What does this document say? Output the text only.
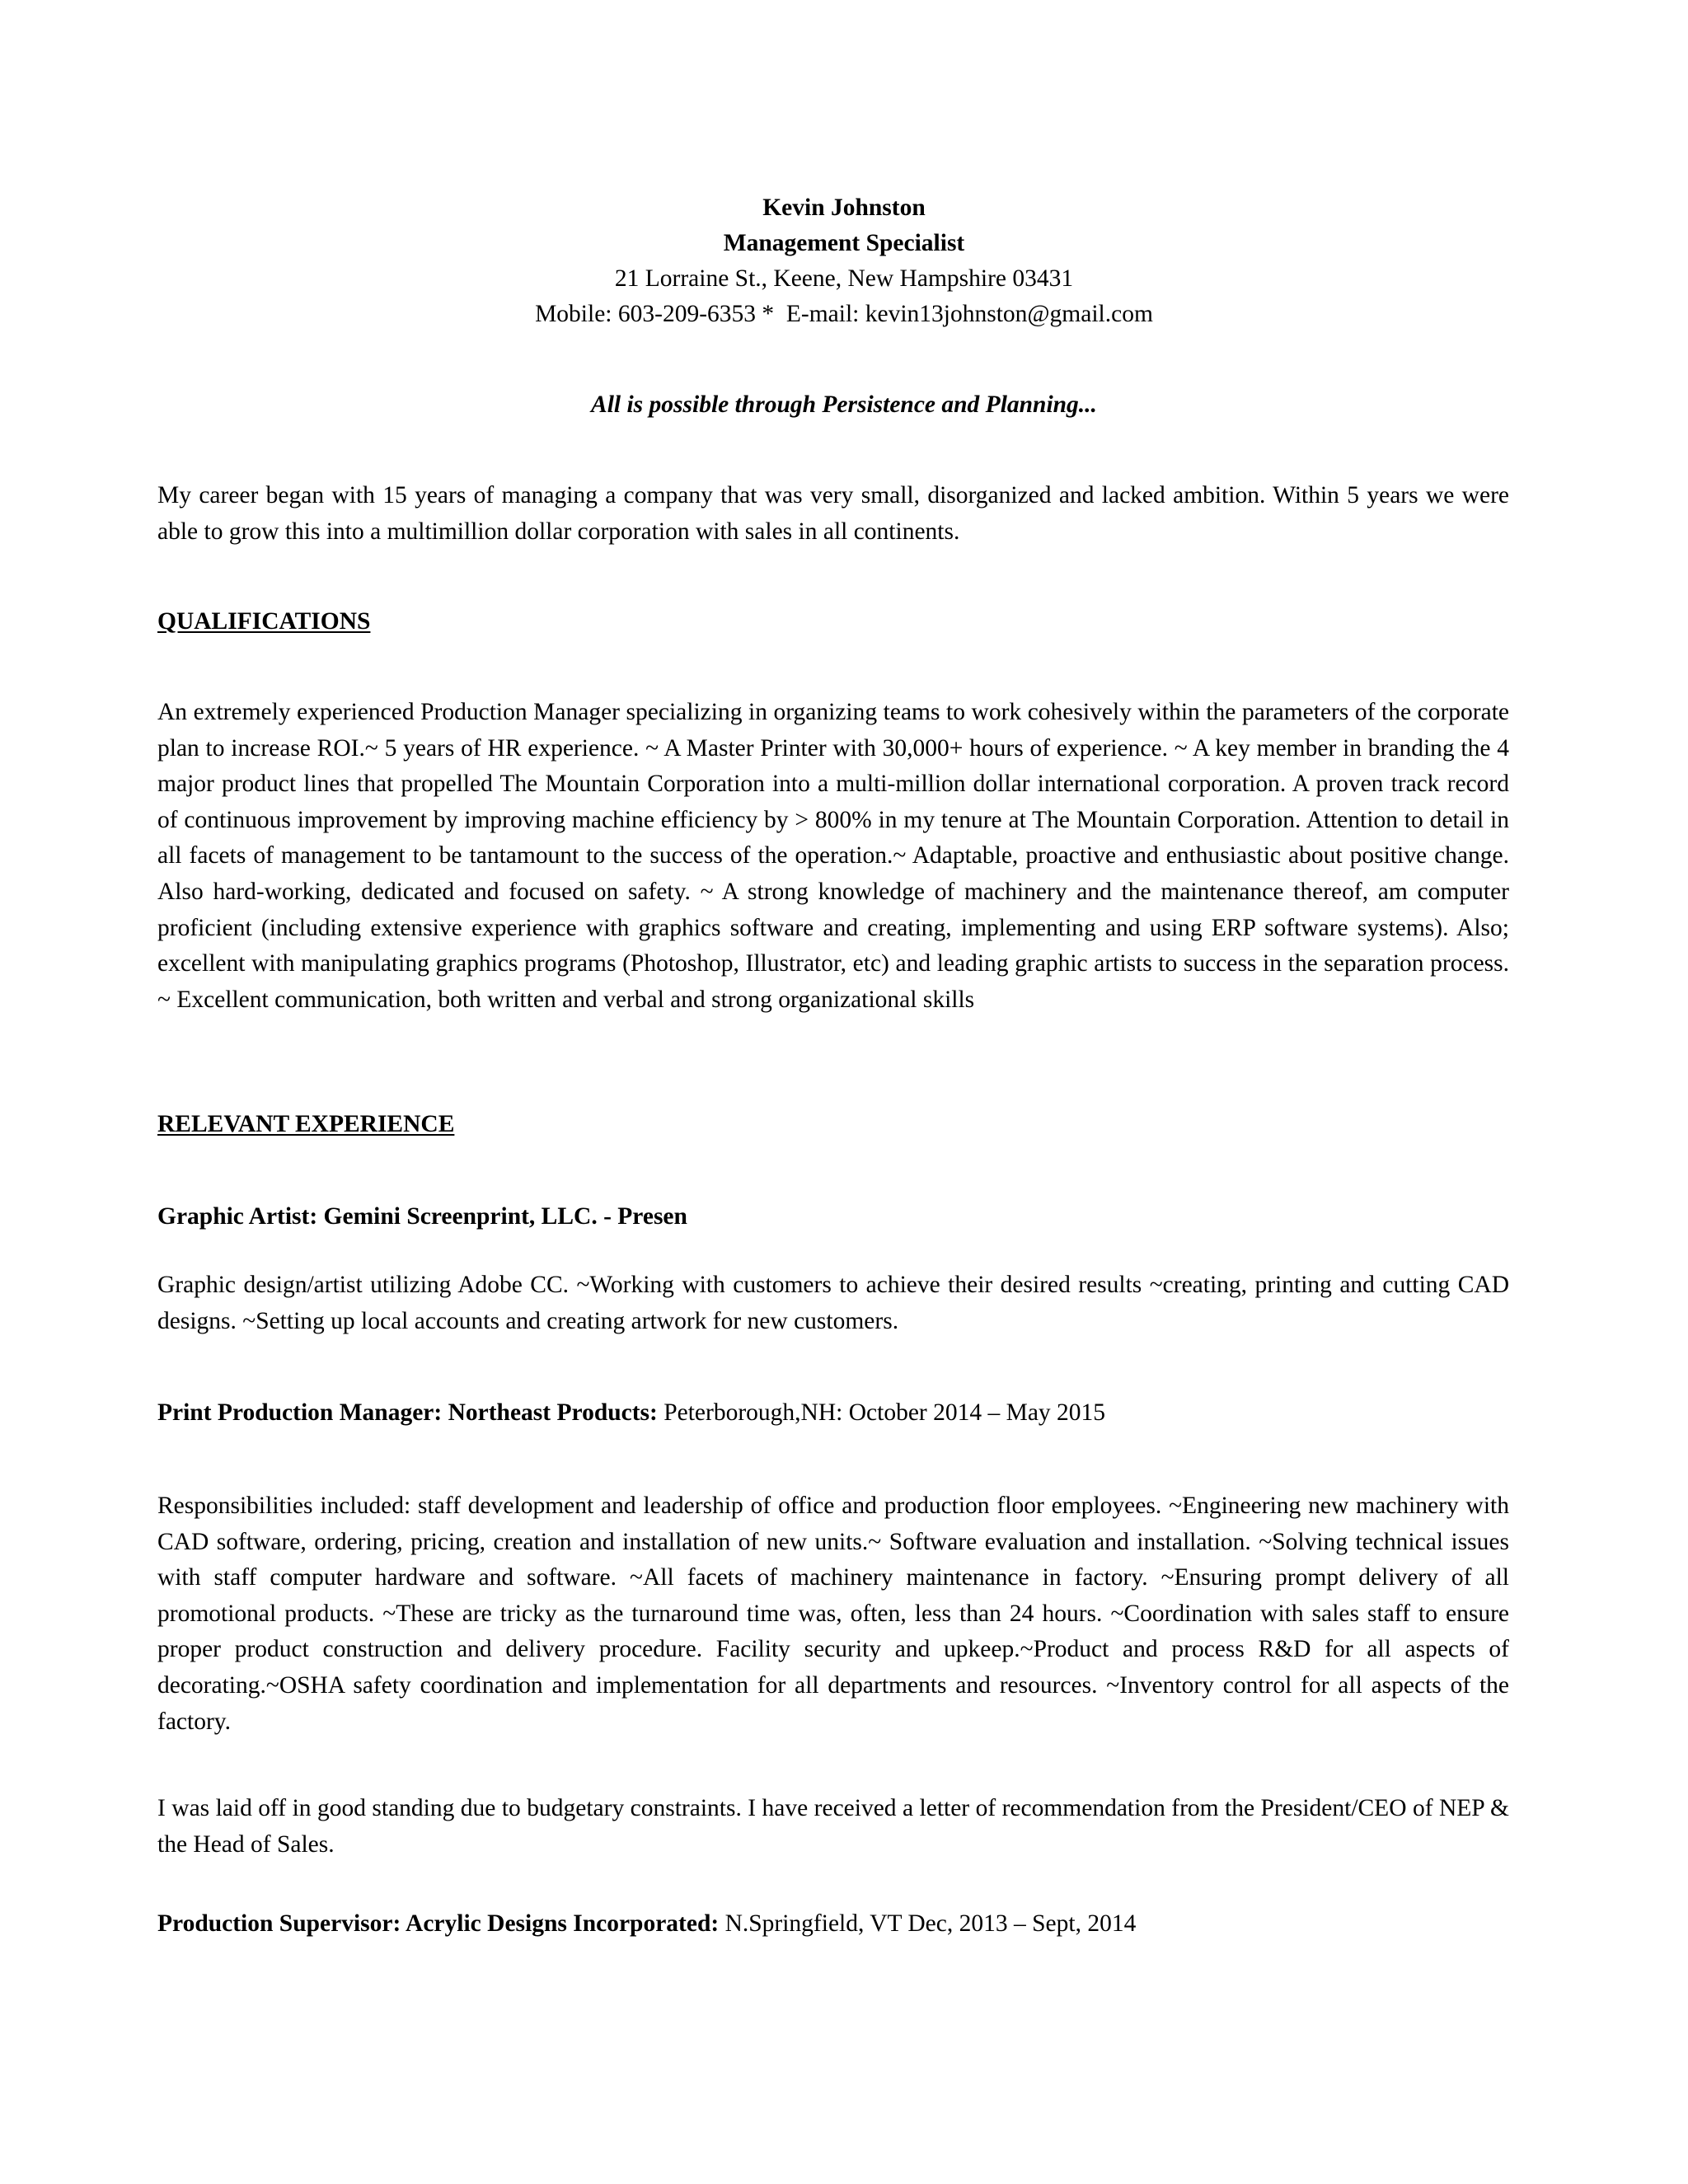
Kevin Johnston
Management Specialist
21 Lorraine St., Keene, New Hampshire 03431
Mobile: 603-209-6353 *  E-mail: kevin13johnston@gmail.com
All is possible through Persistence and Planning...

My career began with 15 years of managing a company that was very small, disorganized and lacked ambition. Within 5 years we were able to grow this into a multimillion dollar corporation with sales in all continents.

QUALIFICATIONS

An extremely experienced Production Manager specializing in organizing teams to work cohesively within the parameters of the corporate plan to increase ROI.~ 5 years of HR experience. ~ A Master Printer with 30,000+ hours of experience. ~ A key member in branding the 4 major product lines that propelled The Mountain Corporation into a multi-million dollar international corporation. A proven track record of continuous improvement by improving machine efficiency by > 800% in my tenure at The Mountain Corporation. Attention to detail in all facets of management to be tantamount to the success of the operation.~ Adaptable, proactive and enthusiastic about positive change. Also hard-working, dedicated and focused on safety. ~ A strong knowledge of machinery and the maintenance thereof, am computer proficient (including extensive experience with graphics software and creating, implementing and using ERP software systems). Also; excellent with manipulating graphics programs (Photoshop, Illustrator, etc) and leading graphic artists to success in the separation process. ~ Excellent communication, both written and verbal and strong organizational skills

RELEVANT EXPERIENCE

Graphic Artist: Gemini Screenprint, LLC. - Presen

Graphic design/artist utilizing Adobe CC. ~Working with customers to achieve their desired results ~creating, printing and cutting CAD designs. ~Setting up local accounts and creating artwork for new customers.

Print Production Manager: Northeast Products: Peterborough,NH: October 2014 – May 2015

Responsibilities included: staff development and leadership of office and production floor employees. ~Engineering new machinery with CAD software, ordering, pricing, creation and installation of new units.~ Software evaluation and installation. ~Solving technical issues with staff computer hardware and software. ~All facets of machinery maintenance in factory. ~Ensuring prompt delivery of all promotional products. ~These are tricky as the turnaround time was, often, less than 24 hours. ~Coordination with sales staff to ensure proper product construction and delivery procedure. Facility security and upkeep.~Product and process R&D for all aspects of decorating.~OSHA safety coordination and implementation for all departments and resources. ~Inventory control for all aspects of the factory.

I was laid off in good standing due to budgetary constraints. I have received a letter of recommendation from the President/CEO of NEP & the Head of Sales.

Production Supervisor: Acrylic Designs Incorporated: N.Springfield, VT Dec, 2013 – Sept, 2014
